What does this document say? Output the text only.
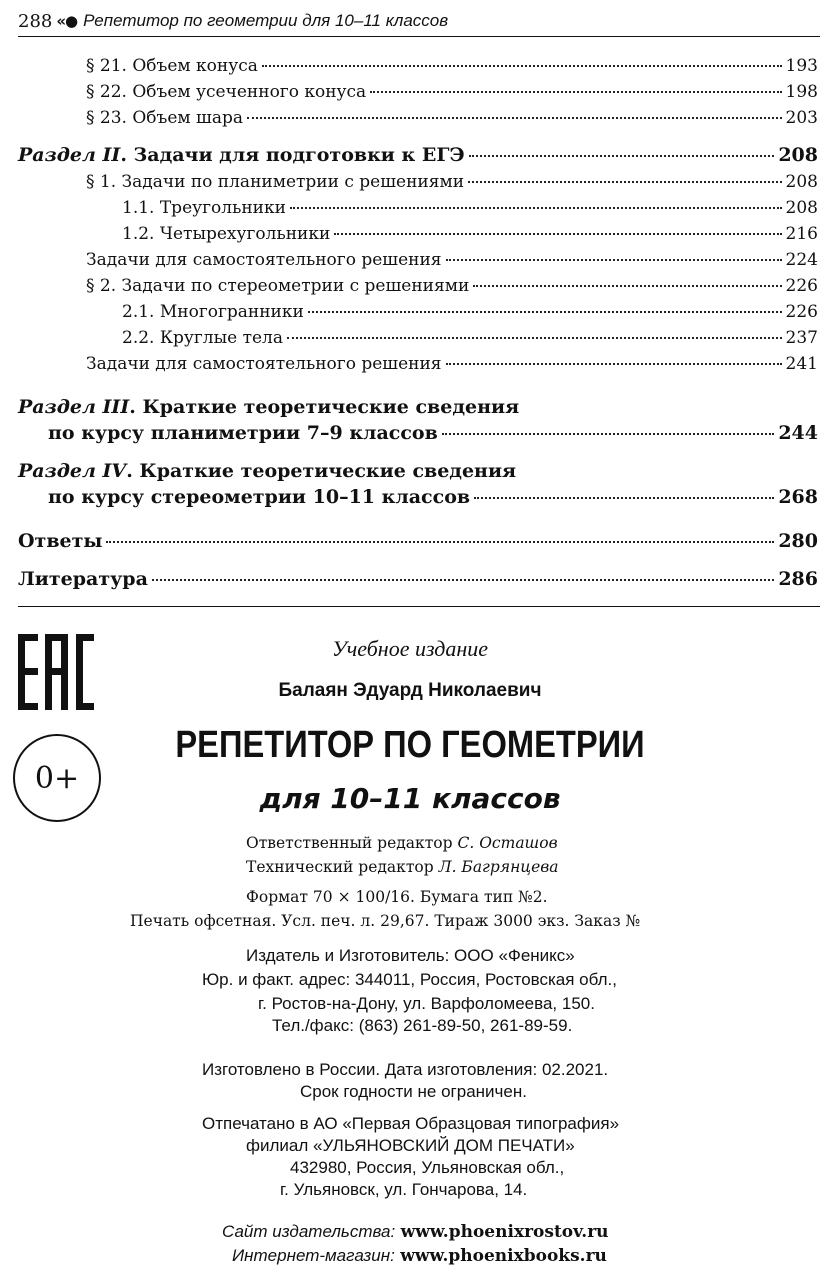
288 «● Репетитор по геометрии для 10–11 классов
§ 21. Объем конуса	193
§ 22. Объем усеченного конуса	198
§ 23. Объем шара	203
Раздел II. Задачи для подготовки к ЕГЭ	208
§ 1. Задачи по планиметрии с решениями	208
1.1. Треугольники	208
1.2. Четырехугольники	216
Задачи для самостоятельного решения	224
§ 2. Задачи по стереометрии с решениями	226
2.1. Многогранники	226
2.2. Круглые тела	237
Задачи для самостоятельного решения	241
Раздел III. Краткие теоретические сведения
по курсу планиметрии 7–9 классов	244
Раздел IV. Краткие теоретические сведения
по курсу стереометрии 10–11 классов	268
Ответы	280
Литература	286
0+
Учебное издание
Балаян Эдуард Николаевич
РЕПЕТИТОР ПО ГЕОМЕТРИИ
для 10–11 классов
Ответственный редактор С. Осташов
Технический редактор Л. Багрянцева
Формат 70 × 100/16. Бумага тип №2.
Печать офсетная. Усл. печ. л. 29,67. Тираж 3000 экз. Заказ №
Издатель и Изготовитель: ООО «Феникс»
Юр. и факт. адрес: 344011, Россия, Ростовская обл.,
г. Ростов-на-Дону, ул. Варфоломеева, 150.
Тел./факс: (863) 261-89-50, 261-89-59.
Изготовлено в России. Дата изготовления: 02.2021.
Срок годности не ограничен.
Отпечатано в АО «Первая Образцовая типография»
филиал «УЛЬЯНОВСКИЙ ДОМ ПЕЧАТИ»
432980, Россия, Ульяновская обл.,
г. Ульяновск, ул. Гончарова, 14.
Сайт издательства: www.phoenixrostov.ru
Интернет-магазин: www.phoenixbooks.ru
